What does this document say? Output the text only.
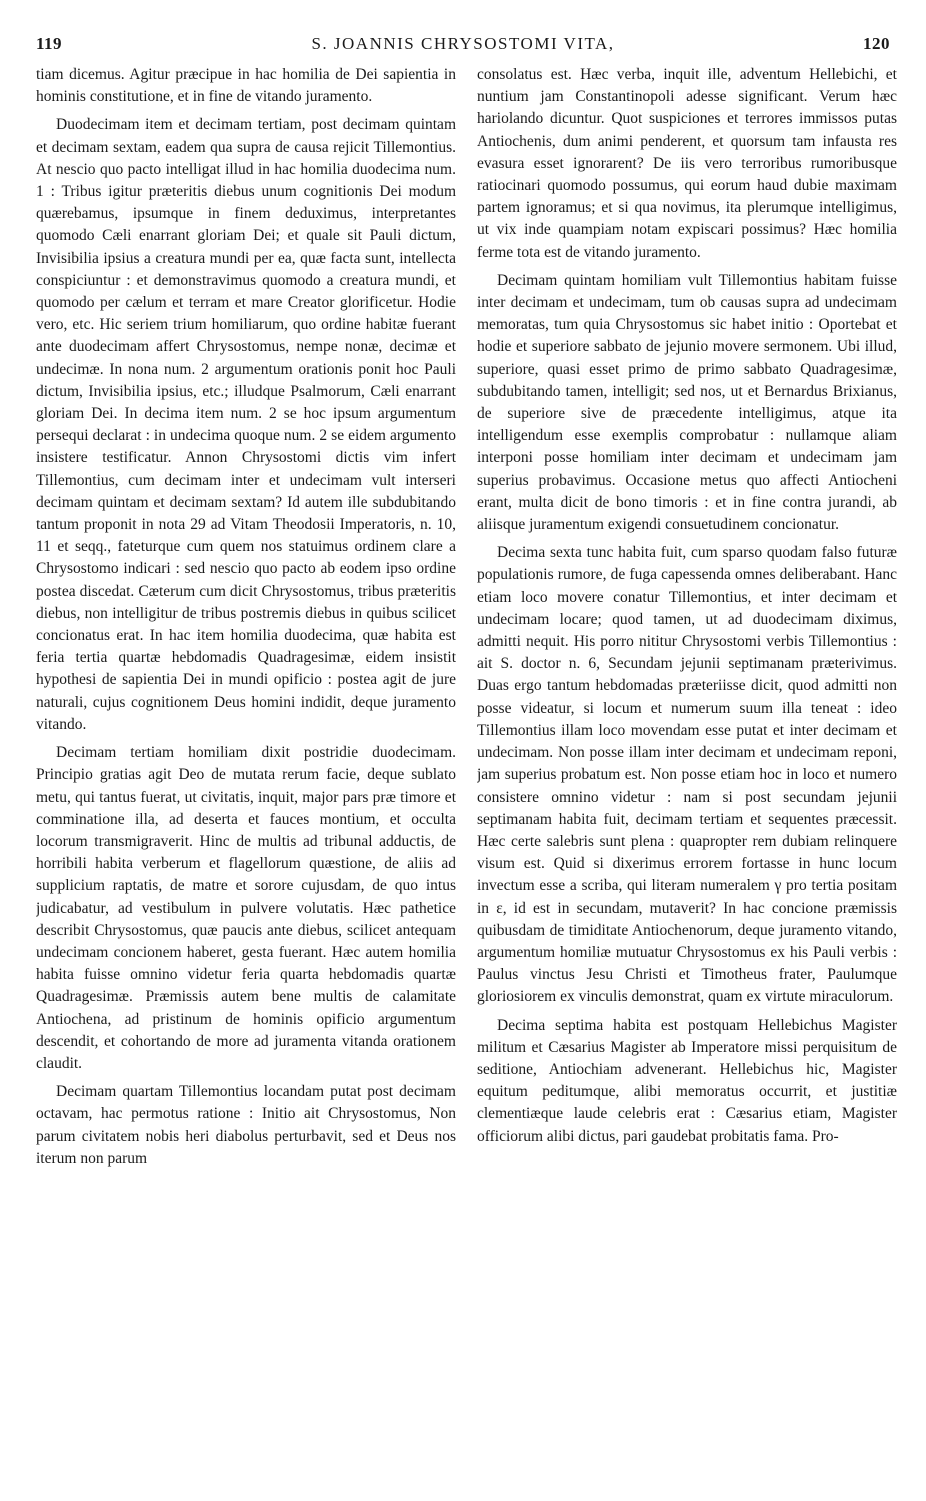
119	S. JOANNIS CHRYSOSTOMI VITA,	120

tiam dicemus. Agitur præcipue in hac homilia de Dei sapientia in hominis constitutione, et in fine de vitando juramento.

Duodecimam item et decimam tertiam, post decimam quintam et decimam sextam, eadem qua supra de causa rejicit Tillemontius. At nescio quo pacto intelligat illud in hac homilia duodecima num. 1 : Tribus igitur præteritis diebus unum cognitionis Dei modum quærebamus, ipsumque in finem deduximus, interpretantes quomodo Cæli enarrant gloriam Dei; et quale sit Pauli dictum, Invisibilia ipsius a creatura mundi per ea, quæ facta sunt, intellecta conspiciuntur : et demonstravimus quomodo a creatura mundi, et quomodo per cælum et terram et mare Creator glorificetur. Hodie vero, etc. Hic seriem trium homiliarum, quo ordine habitæ fuerant ante duodecimam affert Chrysostomus, nempe nonæ, decimæ et undecimæ. In nona num. 2 argumentum orationis ponit hoc Pauli dictum, Invisibilia ipsius, etc.; illudque Psalmorum, Cæli enarrant gloriam Dei. In decima item num. 2 se hoc ipsum argumentum persequi declarat : in undecima quoque num. 2 se eidem argumento insistere testificatur. Annon Chrysostomi dictis vim infert Tillemontius, cum decimam inter et undecimam vult interseri decimam quintam et decimam sextam? Id autem ille subdubitando tantum proponit in nota 29 ad Vitam Theodosii Imperatoris, n. 10, 11 et seqq., fateturque cum quem nos statuimus ordinem clare a Chrysostomo indicari : sed nescio quo pacto ab eodem ipso ordine postea discedat. Cæterum cum dicit Chrysostomus, tribus præteritis diebus, non intelligitur de tribus postremis diebus in quibus scilicet concionatus erat. In hac item homilia duodecima, quæ habita est feria tertia quartæ hebdomadis Quadragesimæ, eidem insistit hypothesi de sapientia Dei in mundi opificio : postea agit de jure naturali, cujus cognitionem Deus homini indidit, deque juramento vitando.

Decimam tertiam homiliam dixit postridie duodecimam. Principio gratias agit Deo de mutata rerum facie, deque sublato metu, qui tantus fuerat, ut civitatis, inquit, major pars præ timore et comminatione illa, ad deserta et fauces montium, et occulta locorum transmigraverit. Hinc de multis ad tribunal adductis, de horribili habita verberum et flagellorum quæstione, de aliis ad supplicium raptatis, de matre et sorore cujusdam, de quo intus judicabatur, ad vestibulum in pulvere volutatis. Hæc pathetice describit Chrysostomus, quæ paucis ante diebus, scilicet antequam undecimam concionem haberet, gesta fuerant. Hæc autem homilia habita fuisse omnino videtur feria quarta hebdomadis quartæ Quadragesimæ. Præmissis autem bene multis de calamitate Antiochena, ad pristinum de hominis opificio argumentum descendit, et cohortando de more ad juramenta vitanda orationem claudit.

Decimam quartam Tillemontius locandam putat post decimam octavam, hac permotus ratione : Initio ait Chrysostomus, Non parum civitatem nobis heri diabolus perturbavit, sed et Deus nos iterum non parum

consolatus est. Hæc verba, inquit ille, adventum Hellebichi, et nuntium jam Constantinopoli adesse significant. Verum hæc hariolando dicuntur. Quot suspiciones et terrores immissos putas Antiochenis, dum animi penderent, et quorsum tam infausta res evasura esset ignorarent? De iis vero terroribus rumoribusque ratiocinari quomodo possumus, qui eorum haud dubie maximam partem ignoramus; et si qua novimus, ita plerumque intelligimus, ut vix inde quampiam notam expiscari possimus? Hæc homilia ferme tota est de vitando juramento.

Decimam quintam homiliam vult Tillemontius habitam fuisse inter decimam et undecimam, tum ob causas supra ad undecimam memoratas, tum quia Chrysostomus sic habet initio : Oportebat et hodie et superiore sabbato de jejunio movere sermonem. Ubi illud, superiore, quasi esset primo de primo sabbato Quadragesimæ, subdubitando tamen, intelligit; sed nos, ut et Bernardus Brixianus, de superiore sive de præcedente intelligimus, atque ita intelligendum esse exemplis comprobatur : nullamque aliam interponi posse homiliam inter decimam et undecimam jam superius probavimus. Occasione metus quo affecti Antiocheni erant, multa dicit de bono timoris : et in fine contra jurandi, ab aliisque juramentum exigendi consuetudinem concionatur.

Decima sexta tunc habita fuit, cum sparso quodam falso futuræ populationis rumore, de fuga capessenda omnes deliberabant. Hanc etiam loco movere conatur Tillemontius, et inter decimam et undecimam locare; quod tamen, ut ad duodecimam diximus, admitti nequit. His porro nititur Chrysostomi verbis Tillemontius : ait S. doctor n. 6, Secundam jejunii septimanam præterivimus. Duas ergo tantum hebdomadas præteriisse dicit, quod admitti non posse videatur, si locum et numerum suum illa teneat : ideo Tillemontius illam loco movendam esse putat et inter decimam et undecimam. Non posse illam inter decimam et undecimam reponi, jam superius probatum est. Non posse etiam hoc in loco et numero consistere omnino videtur : nam si post secundam jejunii septimanam habita fuit, decimam tertiam et sequentes præcessit. Hæc certe salebris sunt plena : quapropter rem dubiam relinquere visum est. Quid si dixerimus errorem fortasse in hunc locum invectum esse a scriba, qui literam numeralem γ pro tertia positam in ε, id est in secundam, mutaverit? In hac concione præmissis quibusdam de timiditate Antiochenorum, deque juramento vitando, argumentum homiliæ mutuatur Chrysostomus ex his Pauli verbis : Paulus vinctus Jesu Christi et Timotheus frater, Paulumque gloriosiorem ex vinculis demonstrat, quam ex virtute miraculorum.

Decima septima habita est postquam Hellebichus Magister militum et Cæsarius Magister ab Imperatore missi perquisitum de seditione, Antiochiam advenerant. Hellebichus hic, Magister equitum peditumque, alibi memoratus occurrit, et justitiæ clementiæque laude celebris erat : Cæsarius etiam, Magister officiorum alibi dictus, pari gaudebat probitatis fama. Pro-
